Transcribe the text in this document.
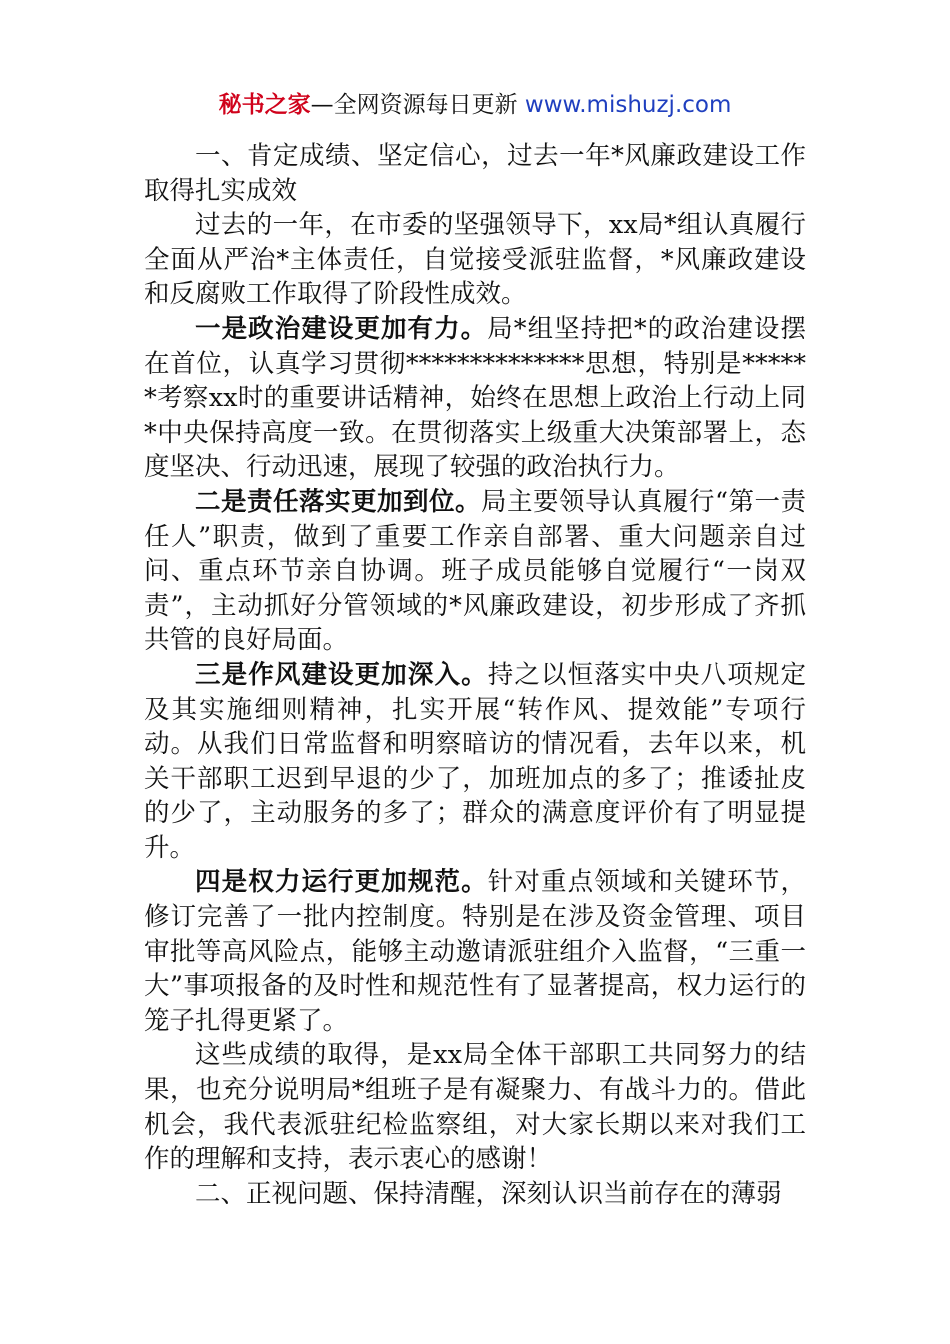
秘书之家—全网资源每日更新 www.mishuzj.com

一、肯定成绩、坚定信心，过去一年*风廉政建设工作取得扎实成效

过去的一年，在市委的坚强领导下，xx局*组认真履行全面从严治*主体责任，自觉接受派驻监督，*风廉政建设和反腐败工作取得了阶段性成效。

一是政治建设更加有力。局*组坚持把*的政治建设摆在首位，认真学习贯彻**************思想，特别是******考察xx时的重要讲话精神，始终在思想上政治上行动上同*中央保持高度一致。在贯彻落实上级重大决策部署上，态度坚决、行动迅速，展现了较强的政治执行力。

二是责任落实更加到位。局主要领导认真履行“第一责任人”职责，做到了重要工作亲自部署、重大问题亲自过问、重点环节亲自协调。班子成员能够自觉履行“一岗双责”，主动抓好分管领域的*风廉政建设，初步形成了齐抓共管的良好局面。

三是作风建设更加深入。持之以恒落实中央八项规定及其实施细则精神，扎实开展“转作风、提效能”专项行动。从我们日常监督和明察暗访的情况看，去年以来，机关干部职工迟到早退的少了，加班加点的多了；推诿扯皮的少了，主动服务的多了；群众的满意度评价有了明显提升。

四是权力运行更加规范。针对重点领域和关键环节，修订完善了一批内控制度。特别是在涉及资金管理、项目审批等高风险点，能够主动邀请派驻组介入监督，“三重一大”事项报备的及时性和规范性有了显著提高，权力运行的笼子扎得更紧了。

这些成绩的取得，是xx局全体干部职工共同努力的结果，也充分说明局*组班子是有凝聚力、有战斗力的。借此机会，我代表派驻纪检监察组，对大家长期以来对我们工作的理解和支持，表示衷心的感谢！

二、正视问题、保持清醒，深刻认识当前存在的薄弱
